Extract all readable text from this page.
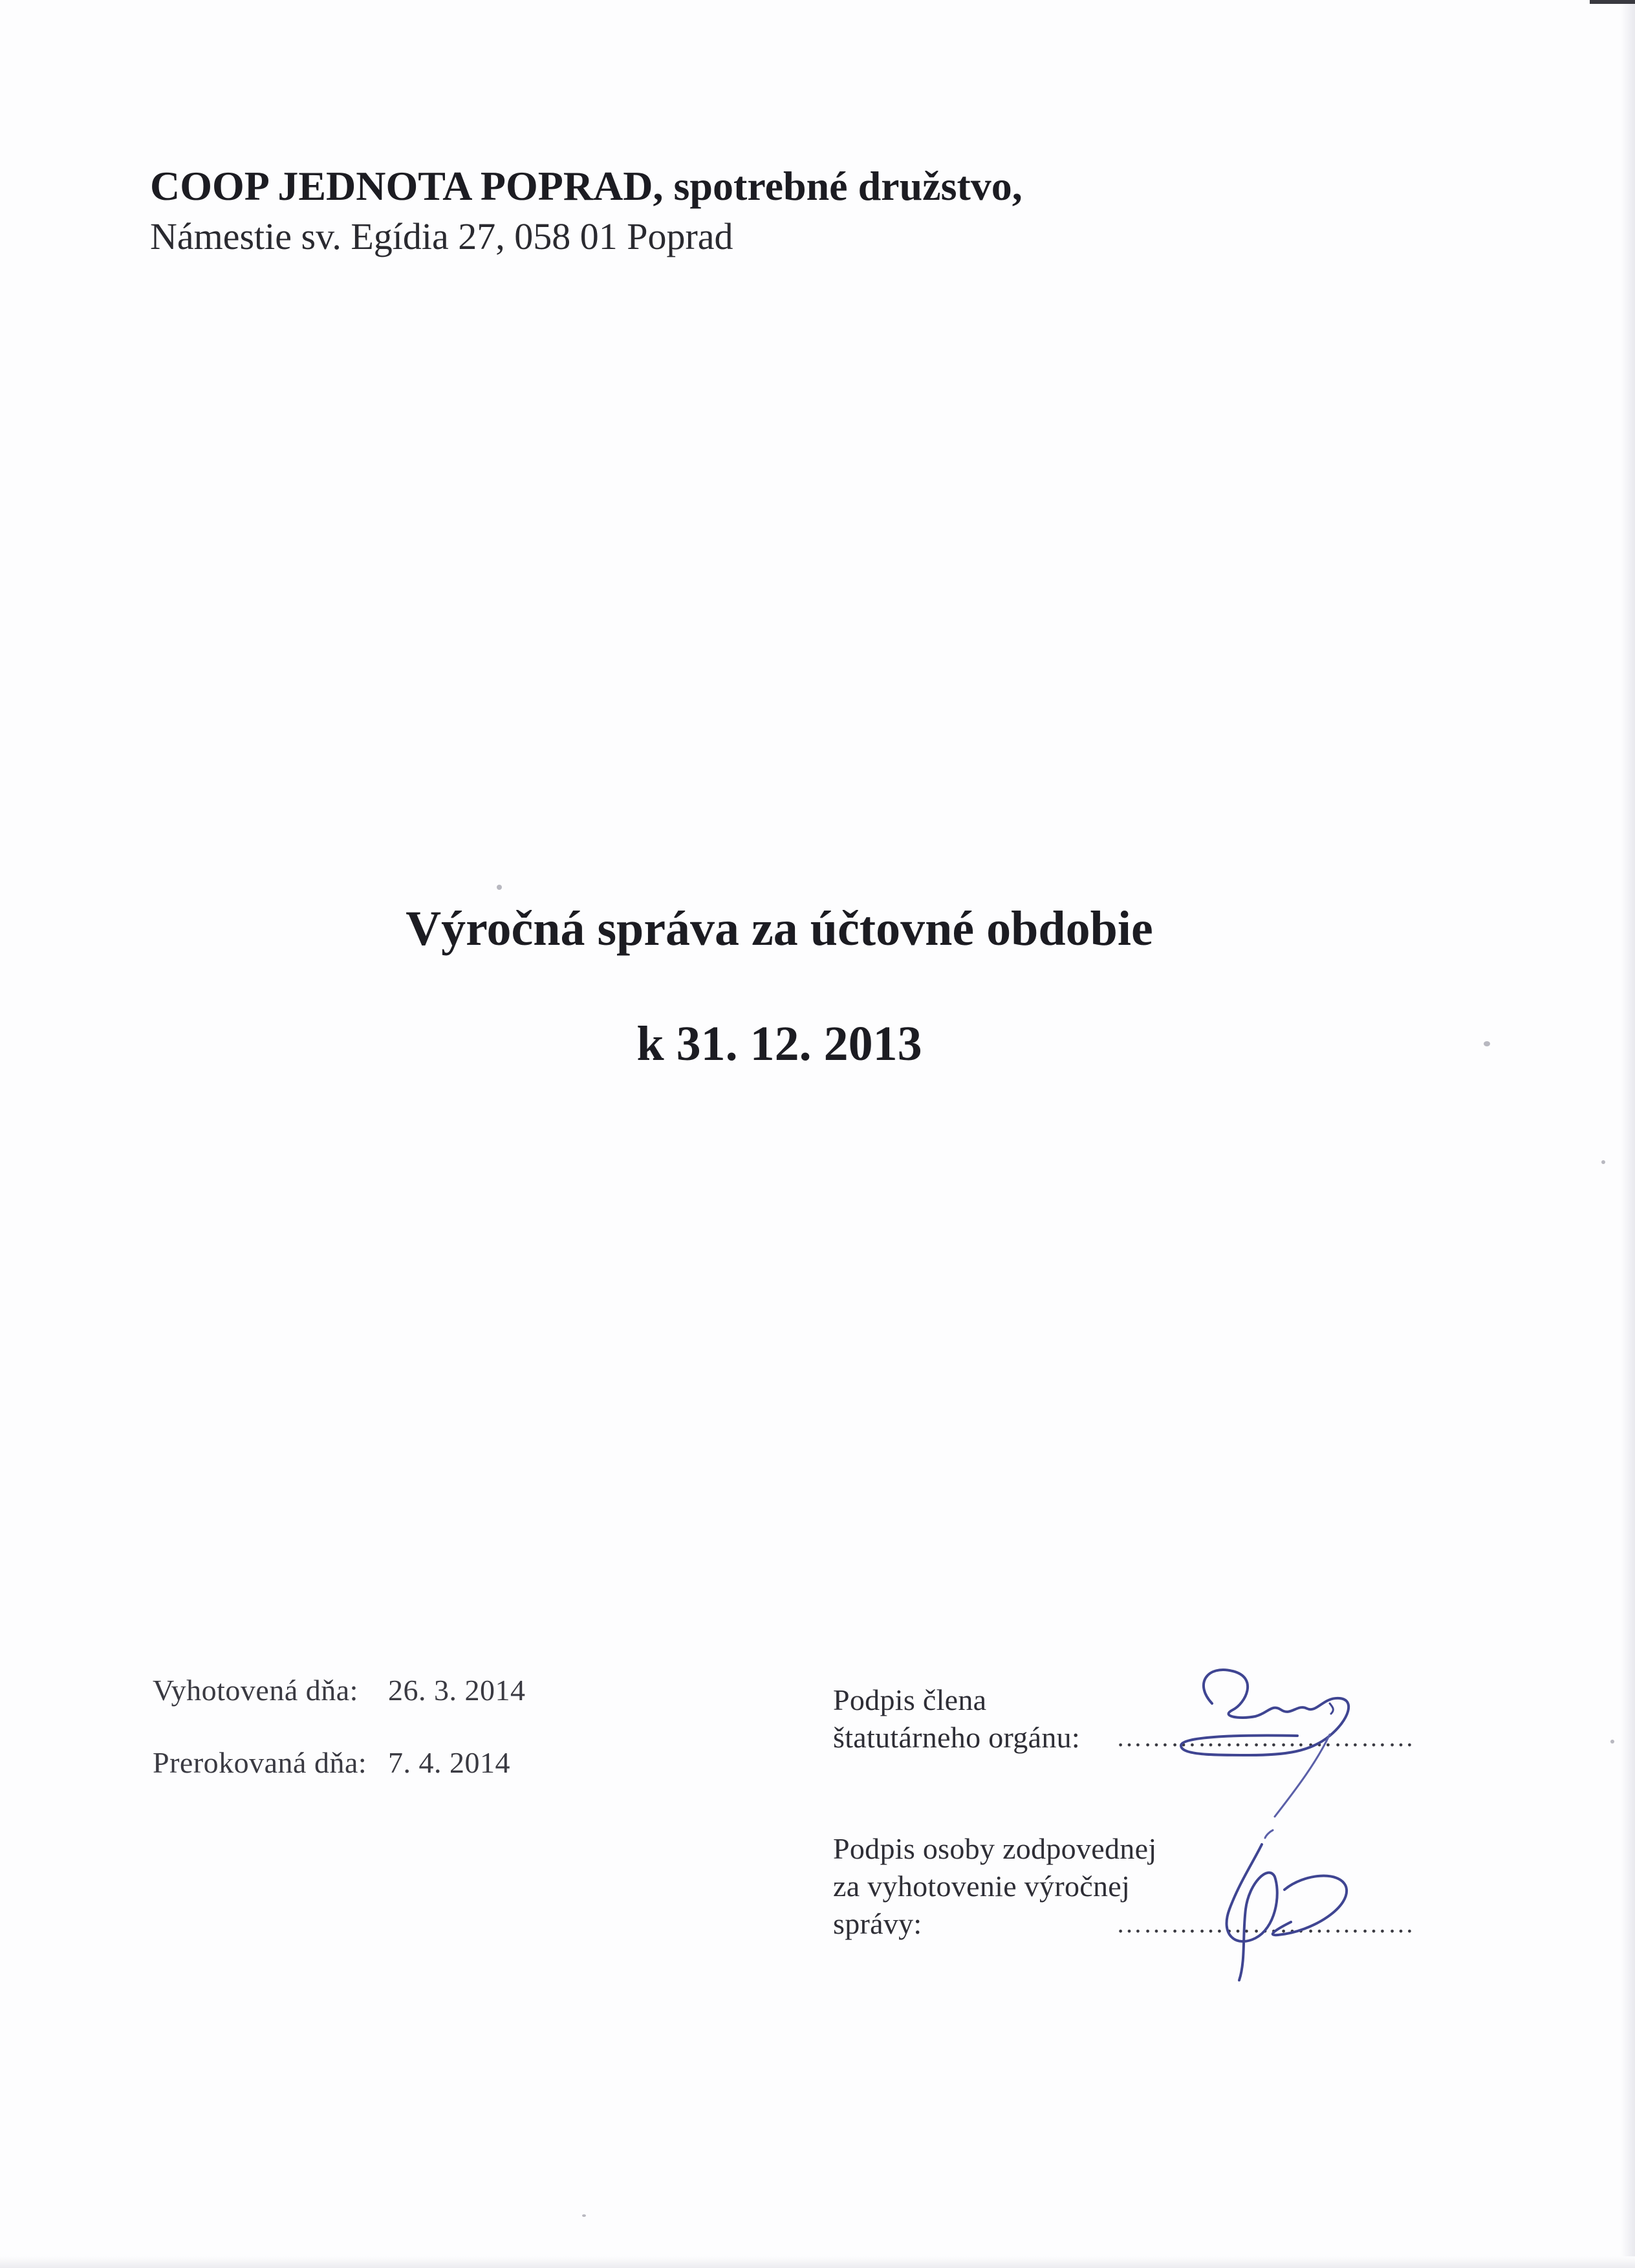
COOP JEDNOTA POPRAD, spotrebné družstvo,
Námestie sv. Egídia 27, 058 01 Poprad
Výročná správa za účtovné obdobie
k 31. 12. 2013
Vyhotovená dňa:	26. 3. 2014
Prerokovaná dňa: 7. 4. 2014
Podpis člena
štatutárneho orgánu: ……………………………
Podpis osoby zodpovednej
za vyhotovenie výročnej
správy:	……………………………
